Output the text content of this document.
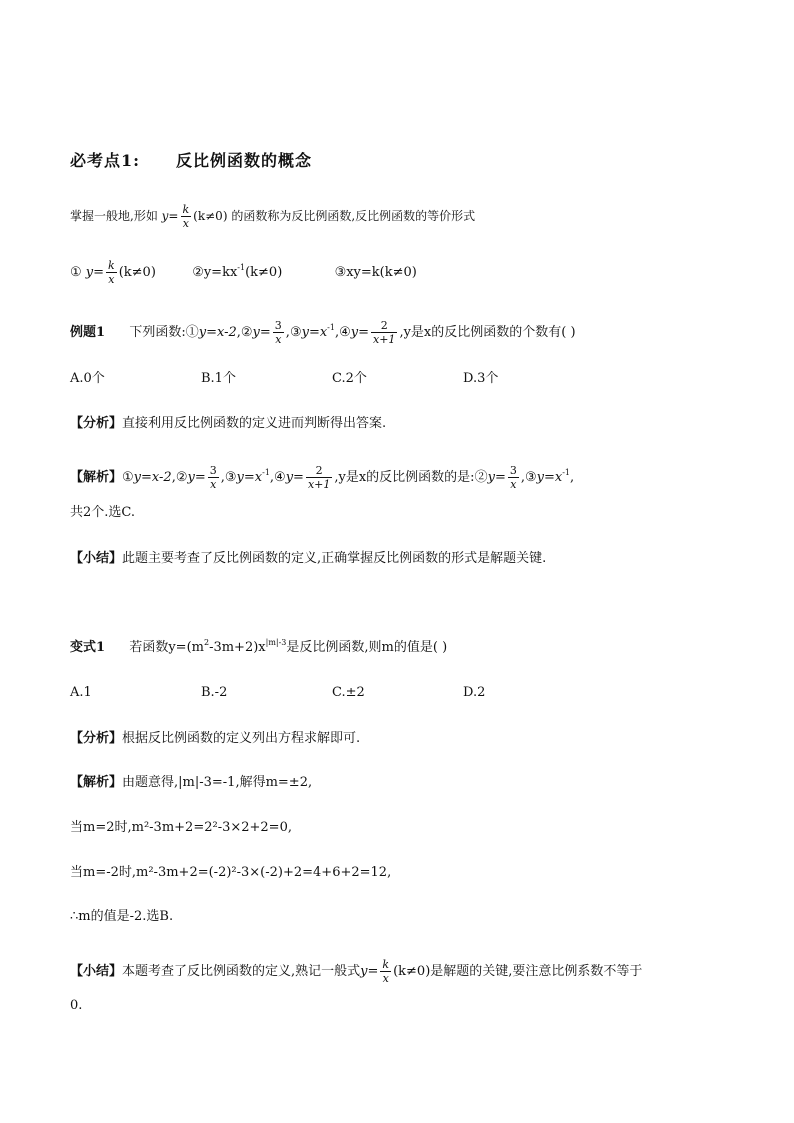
必考点1: 反比例函数的概念
掌握一般地,形如 $y= \frac{k}{x} (k\ne 0)$ 的函数称为反比例函数,反比例函数的等价形式
① $y= \frac{k}{x} (k\ne 0)$	$②y=kx^{-1}(k\ne 0)$	③xy=k(k≠0)
例题1 下列函数:①y=x-2,②y= $\frac{3}{x}$ $,③y=x^{-1},④y= \frac{2}{x+1} ,y$是x的反比例函数的个数有( )
A.0个	B.1个	C.2个	D.3个
【分析】直接利用反比例函数的定义进而判断得出答案.
【解析】①y=x-2,②y= $\frac{3}{x}$ $,③y=x^{-1},④y= \frac{2}{x+1} ,y$是x的反比例函数的是:②y= $\frac{3}{x}$ $,③y=x^{-1}$,
共2个.选C.
【小结】此题主要考查了反比例函数的定义,正确掌握反比例函数的形式是解题关键.
变式1 若函数$y=(m^2-3m+2)x^{|m|-3}$是反比例函数,则m的值是( )
A.1	B.-2	C.±2	D.2
【分析】根据反比例函数的定义列出方程求解即可.
【解析】由题意得,|m|-3=-1,解得m=±2,
当m=2时,m²-3m+2=2²-3×2+2=0,
当m=-2时,m²-3m+2=(-2)²-3×(-2)+2=4+6+2=12,
∴m的值是-2.选B.
【小结】本题考查了反比例函数的定义,熟记一般式$y= \frac{k}{x} (k\ne 0)$是解题的关键,要注意比例系数不等于
0.
